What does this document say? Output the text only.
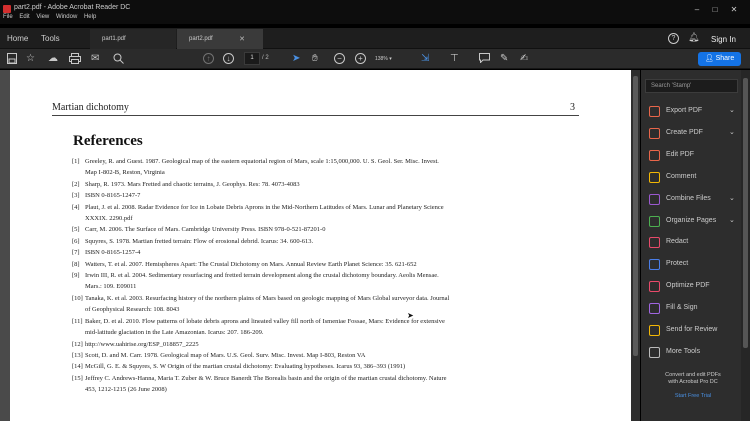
part2.pdf - Adobe Acrobat Reader DC	–	□	✕
File Edit View Window Help
Home Tools	part1.pdf	part2.pdf	✕	?	🔔︎ Sign In
☆ ☁	✉	↑	↓	1	/ 2 ➤ ✋︎	−	+	138% ▾	⇲ ⊤	✎ ✍︎	👤︎ Share
Martian dichotomy	3
References
[1] Greeley, R. and Guest. 1987. Geological map of the eastern equatorial region of Mars, scale 1:15,000,000. U. S. Geol. Ser. Misc. Invest.
Map I-802-B, Reston, Virginia
[2] Sharp, R. 1973. Mars Fretted and chaotic terrains, J. Geophys. Res: 78. 4073-4083
[3] ISBN 0-8165-1247-7
[4] Plaut, J. et al. 2008. Radar Evidence for Ice in Lobate Debris Aprons in the Mid-Northern Latitudes of Mars. Lunar and Planetary Science
XXXIX. 2290.pdf
[5] Carr, M. 2006. The Surface of Mars. Cambridge University Press. ISBN 978-0-521-87201-0
[6] Squyres, S. 1978. Martian fretted terrain: Flow of erosional debrid. Icarus: 34. 600-613.
[7] ISBN 0-8165-1257-4
[8] Watters, T. et al. 2007. Hemispheres Apart: The Crustal Dichotomy on Mars. Annual Review Earth Planet Science: 35. 621-652
[9] Irwin III, R. et al. 2004. Sedimentary resurfacing and fretted terrain development along the crustal dichotomy boundary. Aeolis Mensae.
Mars.: 109. E09011
[10] Tanaka, K. et al. 2003. Resurfacing history of the northern plains of Mars based on geologic mapping of Mars Global surveyor data. Journal
of Geophysical Research: 108. 8043
[11] Baker, D. et al. 2010. Flow patterns of lobate debris aprons and lineated valley fill north of Ismeniae Fossae, Mars: Evidence for extensive
mid-latitude glaciation in the Late Amazonian. Icarus: 207. 186-209.
[12] http://www.uahirise.org/ESP_018857_2225
[13] Scott, D. and M. Carr. 1978. Geological map of Mars. U.S. Geol. Surv. Misc. Invest. Map I-803, Reston VA
[14] McGill, G. E. & Squyres, S. W Origin of the martian crustal dichotomy: Evaluating hypotheses. Icarus 93, 386–393 (1991)
[15] Jeffrey C. Andrews-Hanna, Maria T. Zuber & W. Bruce Banerdt The Borealis basin and the origin of the martian crustal dichotomy. Nature
453, 1212-1215 (26 June 2008)
➤
Search 'Stamp'
Export PDF	⌄
Create PDF	⌄
Edit PDF
Comment
Combine Files	⌄
Organize Pages ⌄
Redact
Protect
Optimize PDF
Fill & Sign
Send for Review
More Tools
Convert and edit PDFs
with Acrobat Pro DC
Start Free Trial
